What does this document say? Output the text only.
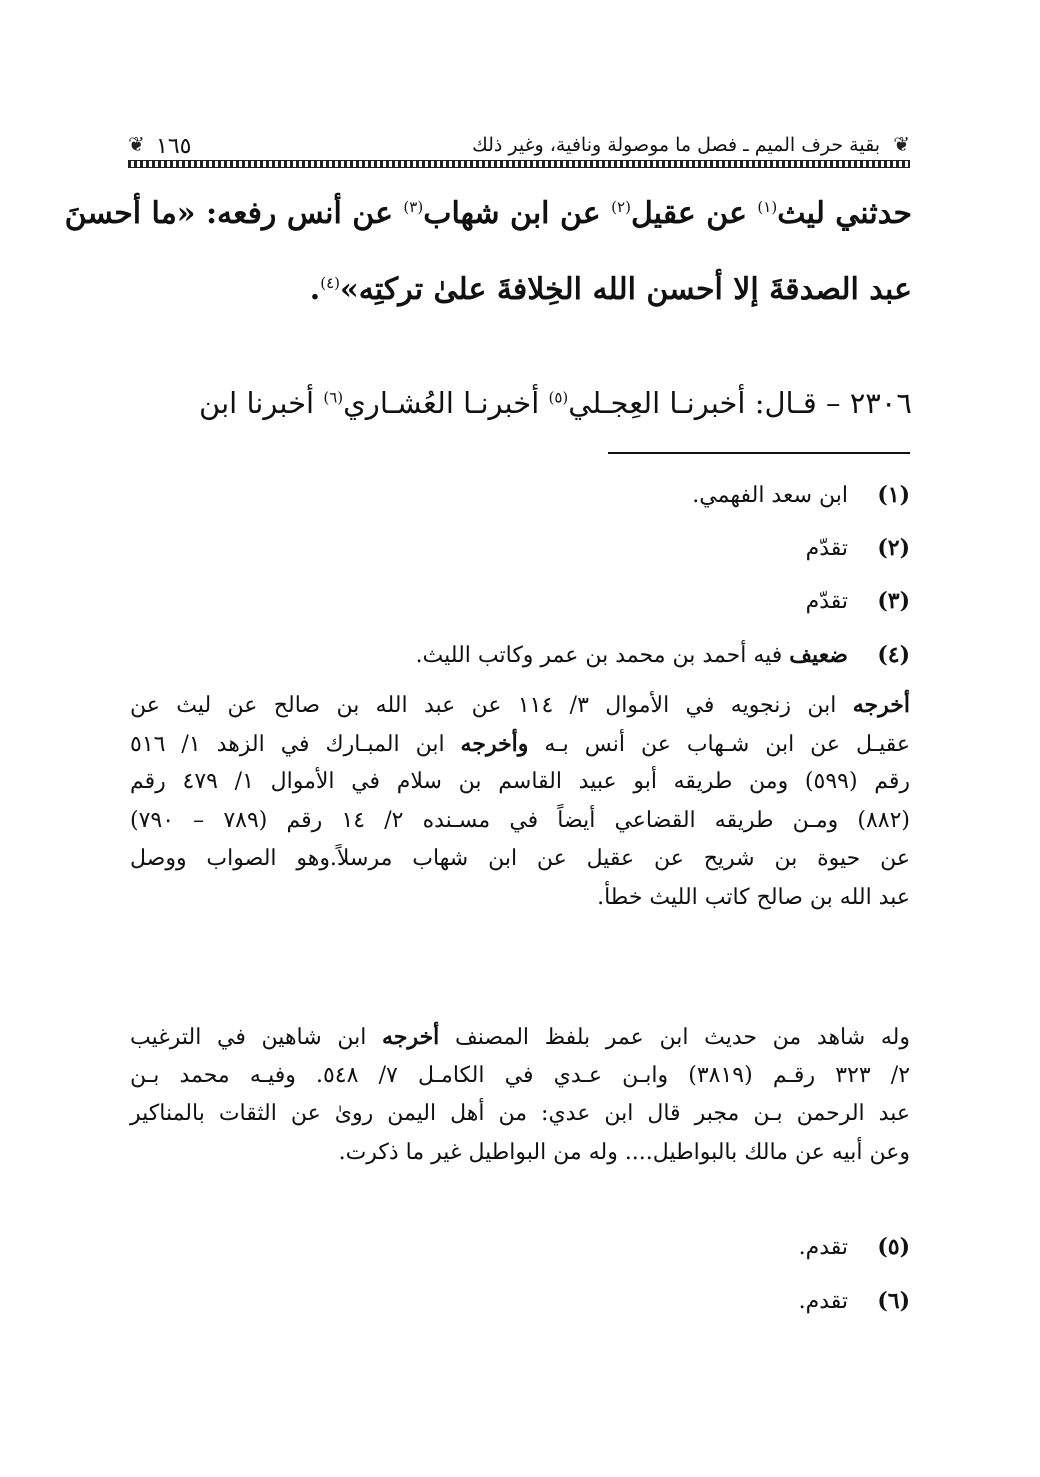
❦ ١٦٥	بقية حرف الميم ـ فصل ما موصولة ونافية، وغير ذلك ❦
حدثني ليث$^{(١)}$ عن عقيل$^{(٢)}$ عن ابن شهاب$^{(٣)}$ عن أنس رفعه: «ما أحسنَ
عبد الصدقةَ إلا أحسن الله الخِلافةَ علىٰ تركتِه»$^{(٤)}$.
٢٣٠٦ – قـال: أخبرنـا العِجـلي$^{(٥)}$ أخبرنـا العُشـاري$^{(٦)}$ أخبرنا ابن
(١)ابن سعد الفهمي.
(٢)تقدّم
(٣)تقدّم
(٤)ضعيف فيه أحمد بن محمد بن عمر وكاتب الليث.
أخرجه ابن زنجويه في الأموال ٣/ ١١٤ عن عبد الله بن صالح عن ليث عن
عقيـل عن ابن شـهاب عن أنس بـه وأخرجه ابن المبـارك في الزهد ١/ ٥١٦
رقم (٥٩٩) ومن طريقه أبو عبيد القاسم بن سلام في الأموال ١/ ٤٧٩ رقم
(٨٨٢) ومـن طريقه القضاعي أيضاً في مسـنده ٢/ ١٤ رقم (٧٨٩ – ٧٩٠)
عن حيوة بن شريح عن عقيل عن ابن شهاب مرسلاً.وهو الصواب ووصل
عبد الله بن صالح كاتب الليث خطأ.
وله شاهد من حديث ابن عمر بلفظ المصنف أخرجه ابن شاهين في الترغيب
٢/ ٣٢٣ رقـم (٣٨١٩) وابـن عـدي في الكامـل ٧/ ٥٤٨. وفيـه محمد بـن
عبد الرحمن بـن مجبر قال ابن عدي: من أهل اليمن روىٰ عن الثقات بالمناكير
وعن أبيه عن مالك بالبواطيل.... وله من البواطيل غير ما ذكرت.
(٥)تقدم.
(٦)تقدم.
